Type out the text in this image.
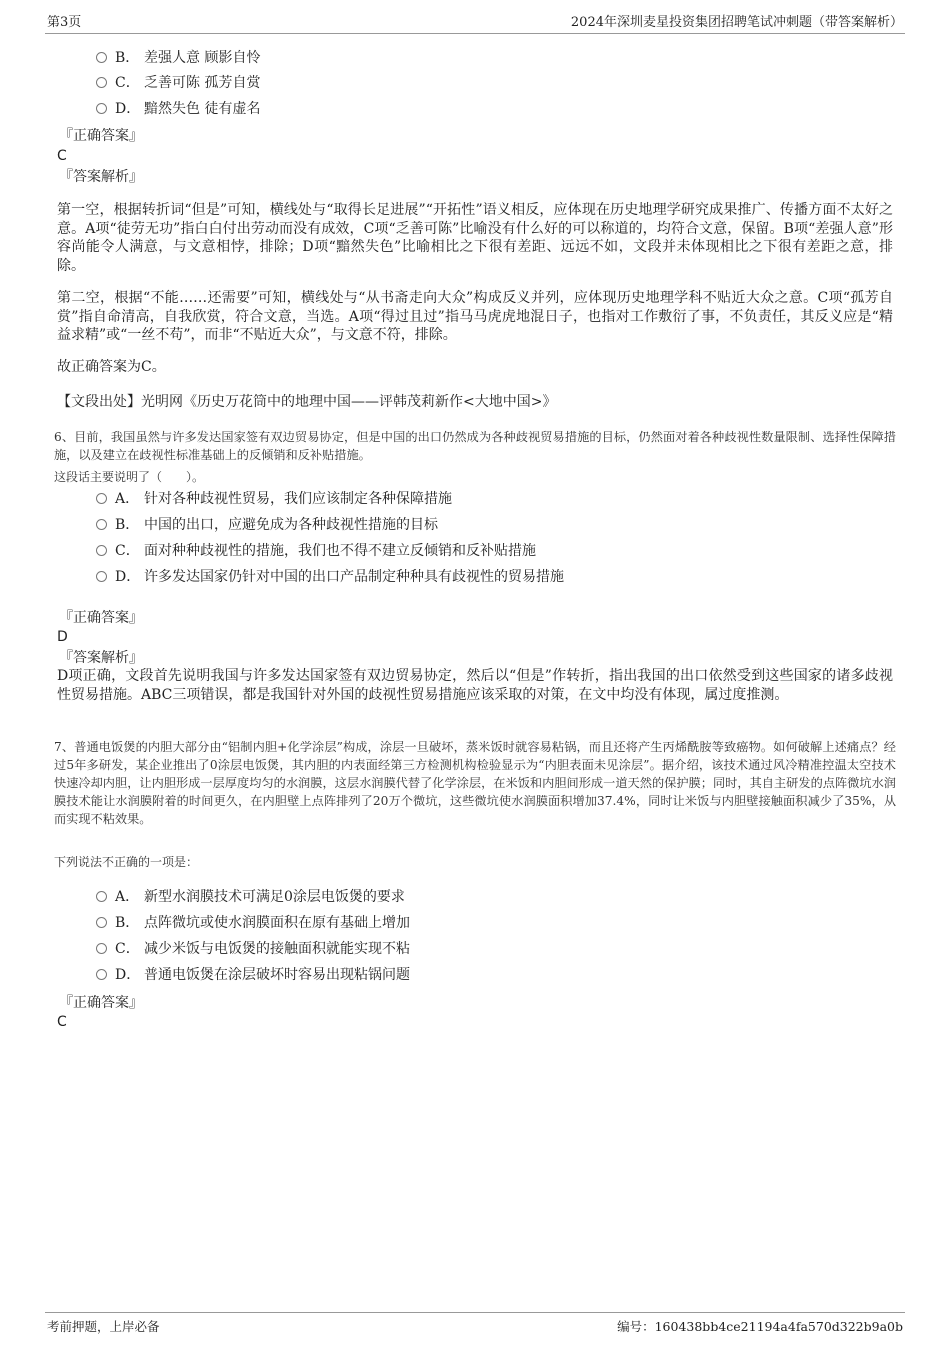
第3页	2024年深圳麦星投资集团招聘笔试冲刺题（带答案解析）
B． 差强人意 顾影自怜
C． 乏善可陈 孤芳自赏
D． 黯然失色 徒有虚名
『正确答案』
C
『答案解析』
第一空，根据转折词“但是”可知，横线处与“取得长足进展”“开拓性”语义相反，应体现在历史地理学研究成果推广、传播方面不太好之意。A项“徒劳无功”指白白付出劳动而没有成效，C项“乏善可陈”比喻没有什么好的可以称道的，均符合文意，保留。B项“差强人意”形容尚能令人满意，与文意相悖，排除；D项“黯然失色”比喻相比之下很有差距、远远不如，文段并未体现相比之下很有差距之意，排除。
第二空，根据“不能……还需要”可知，横线处与“从书斋走向大众”构成反义并列，应体现历史地理学科不贴近大众之意。C项“孤芳自赏”指自命清高，自我欣赏，符合文意，当选。A项“得过且过”指马马虎虎地混日子，也指对工作敷衍了事，不负责任，其反义应是“精益求精”或“一丝不苟”，而非“不贴近大众”，与文意不符，排除。
故正确答案为C。
【文段出处】光明网《历史万花筒中的地理中国——评韩茂莉新作<大地中国>》
6、目前，我国虽然与许多发达国家签有双边贸易协定，但是中国的出口仍然成为各种歧视贸易措施的目标，仍然面对着各种歧视性数量限制、选择性保障措施，以及建立在歧视性标准基础上的反倾销和反补贴措施。
这段话主要说明了（　　）。
A． 针对各种歧视性贸易，我们应该制定各种保障措施
B． 中国的出口，应避免成为各种歧视性措施的目标
C． 面对种种歧视性的措施，我们也不得不建立反倾销和反补贴措施
D． 许多发达国家仍针对中国的出口产品制定种种具有歧视性的贸易措施
『正确答案』
D
『答案解析』
D项正确，文段首先说明我国与许多发达国家签有双边贸易协定，然后以“但是”作转折，指出我国的出口依然受到这些国家的诸多歧视性贸易措施。ABC三项错误，都是我国针对外国的歧视性贸易措施应该采取的对策，在文中均没有体现，属过度推测。
7、普通电饭煲的内胆大部分由“铝制内胆+化学涂层”构成，涂层一旦破坏，蒸米饭时就容易粘锅，而且还将产生丙烯酰胺等致癌物。如何破解上述痛点？经过5年多研发，某企业推出了0涂层电饭煲，其内胆的内表面经第三方检测机构检验显示为“内胆表面未见涂层”。据介绍，该技术通过风冷精准控温太空技术快速冷却内胆，让内胆形成一层厚度均匀的水润膜，这层水润膜代替了化学涂层，在米饭和内胆间形成一道天然的保护膜；同时，其自主研发的点阵微坑水润膜技术能让水润膜附着的时间更久，在内胆壁上点阵排列了20万个微坑，这些微坑使水润膜面积增加37.4%，同时让米饭与内胆壁接触面积减少了35%，从而实现不粘效果。
下列说法不正确的一项是：
A． 新型水润膜技术可满足0涂层电饭煲的要求
B． 点阵微坑或使水润膜面积在原有基础上增加
C． 减少米饭与电饭煲的接触面积就能实现不粘
D． 普通电饭煲在涂层破坏时容易出现粘锅问题
『正确答案』
C
考前押题，上岸必备	编号：160438bb4ce21194a4fa570d322b9a0b
